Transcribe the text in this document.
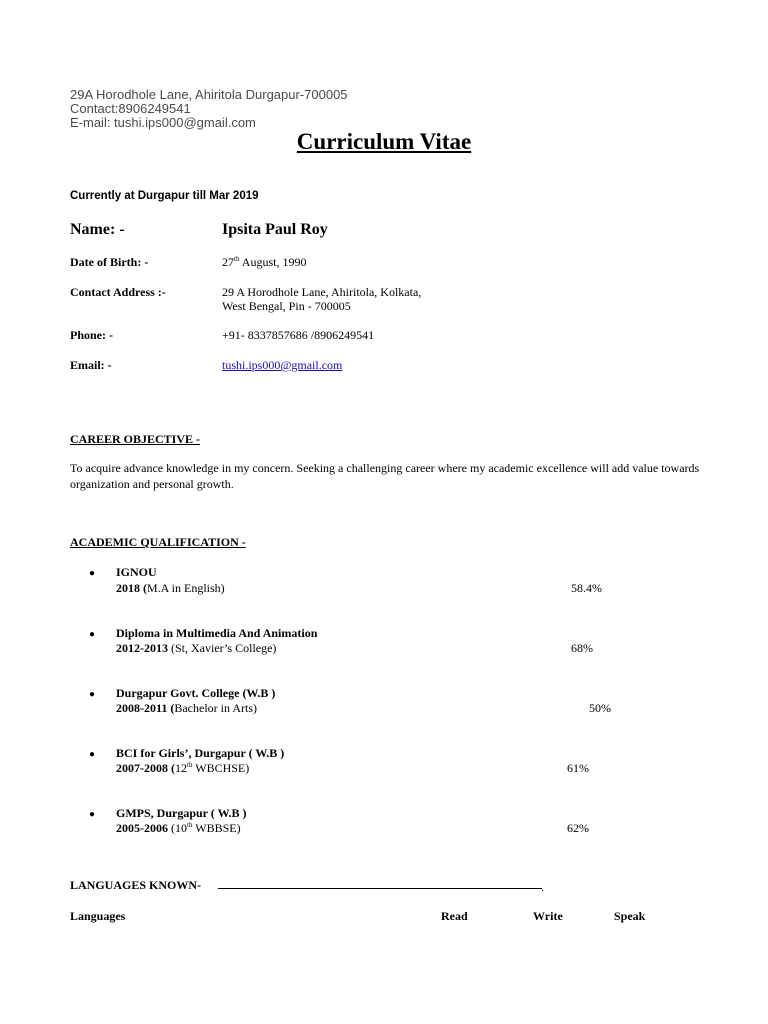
29A Horodhole Lane, Ahiritola Durgapur-700005
Contact:8906249541
E-mail: tushi.ips000@gmail.com
Curriculum Vitae
Currently at Durgapur till Mar 2019
Name: -	Ipsita Paul Roy
Date of Birth: -	27th August, 1990
Contact Address :-	29 A Horodhole Lane, Ahiritola, Kolkata,
West Bengal, Pin - 700005
Phone: -	+91- 8337857686 /8906249541
Email: -	tushi.ips000@gmail.com
CAREER OBJECTIVE -
To acquire advance knowledge in my concern. Seeking a challenging career where my academic excellence will add value towards organization and personal growth.
ACADEMIC QUALIFICATION -
● IGNOU
2018 (M.A in English)	58.4%
● Diploma in Multimedia And Animation
2012-2013 (St, Xavier’s College)	68%
● Durgapur Govt. College (W.B )
2008-2011 (Bachelor in Arts)	50%
● BCI for Girls’, Durgapur ( W.B )
2007-2008 (12th WBCHSE)	61%
● GMPS, Durgapur ( W.B )
2005-2006 (10th WBBSE)	62%
LANGUAGES KNOWN-	.
Languages	Read	Write	Speak
